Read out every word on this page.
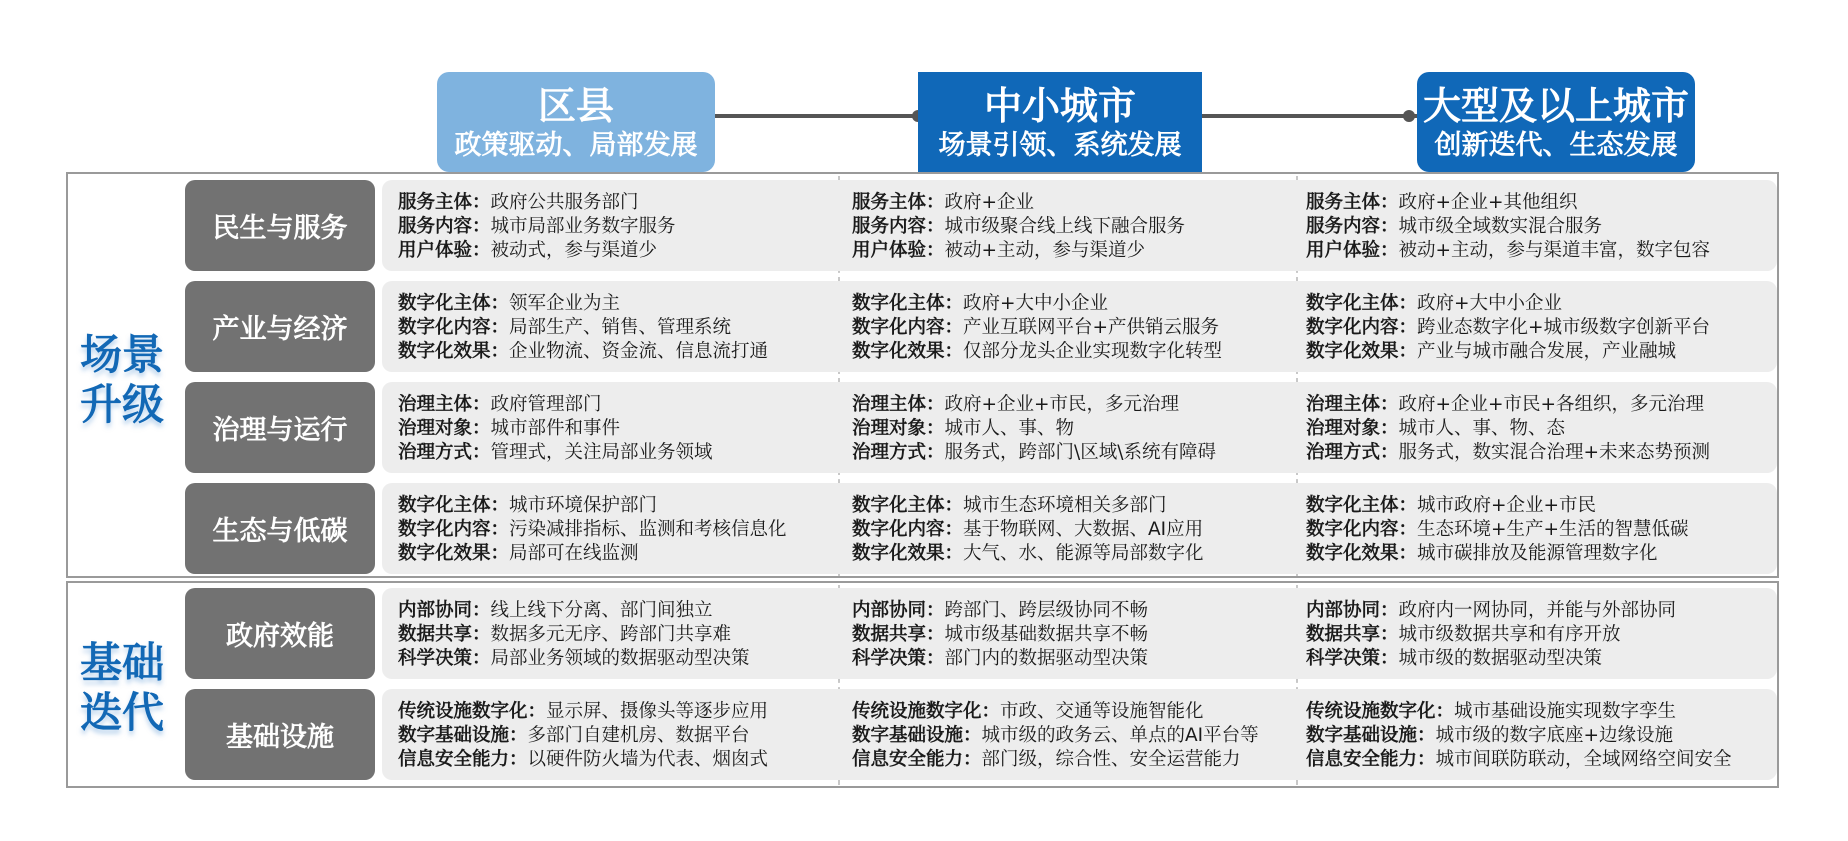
区县
政策驱动、局部发展
中小城市
场景引领、系统发展
大型及以上城市
创新迭代、生态发展
场景升级
基础迭代
民生与服务
服务主体：政府公共服务部门
服务内容：城市局部业务数字服务
用户体验：被动式，参与渠道少
服务主体：政府+企业
服务内容：城市级聚合线上线下融合服务
用户体验：被动+主动，参与渠道少
服务主体：政府+企业+其他组织
服务内容：城市级全域数实混合服务
用户体验：被动+主动，参与渠道丰富，数字包容
产业与经济
数字化主体：领军企业为主
数字化内容：局部生产、销售、管理系统
数字化效果：企业物流、资金流、信息流打通
数字化主体：政府+大中小企业
数字化内容：产业互联网平台+产供销云服务
数字化效果：仅部分龙头企业实现数字化转型
数字化主体：政府+大中小企业
数字化内容：跨业态数字化+城市级数字创新平台
数字化效果：产业与城市融合发展，产业融城
治理与运行
治理主体：政府管理部门
治理对象：城市部件和事件
治理方式：管理式，关注局部业务领域
治理主体：政府+企业+市民，多元治理
治理对象：城市人、事、物
治理方式：服务式，跨部门\区域\系统有障碍
治理主体：政府+企业+市民+各组织，多元治理
治理对象：城市人、事、物、态
治理方式：服务式，数实混合治理+未来态势预测
生态与低碳
数字化主体：城市环境保护部门
数字化内容：污染减排指标、监测和考核信息化
数字化效果：局部可在线监测
数字化主体：城市生态环境相关多部门
数字化内容：基于物联网、大数据、AI应用
数字化效果：大气、水、能源等局部数字化
数字化主体：城市政府+企业+市民
数字化内容：生态环境+生产+生活的智慧低碳
数字化效果：城市碳排放及能源管理数字化
政府效能
内部协同：线上线下分离、部门间独立
数据共享：数据多元无序、跨部门共享难
科学决策：局部业务领域的数据驱动型决策
内部协同：跨部门、跨层级协同不畅
数据共享：城市级基础数据共享不畅
科学决策：部门内的数据驱动型决策
内部协同：政府内一网协同，并能与外部协同
数据共享：城市级数据共享和有序开放
科学决策：城市级的数据驱动型决策
基础设施
传统设施数字化：显示屏、摄像头等逐步应用
数字基础设施：多部门自建机房、数据平台
信息安全能力：以硬件防火墙为代表、烟囱式
传统设施数字化：市政、交通等设施智能化
数字基础设施：城市级的政务云、单点的AI平台等
信息安全能力：部门级，综合性、安全运营能力
传统设施数字化：城市基础设施实现数字孪生
数字基础设施：城市级的数字底座+边缘设施
信息安全能力：城市间联防联动，全域网络空间安全
